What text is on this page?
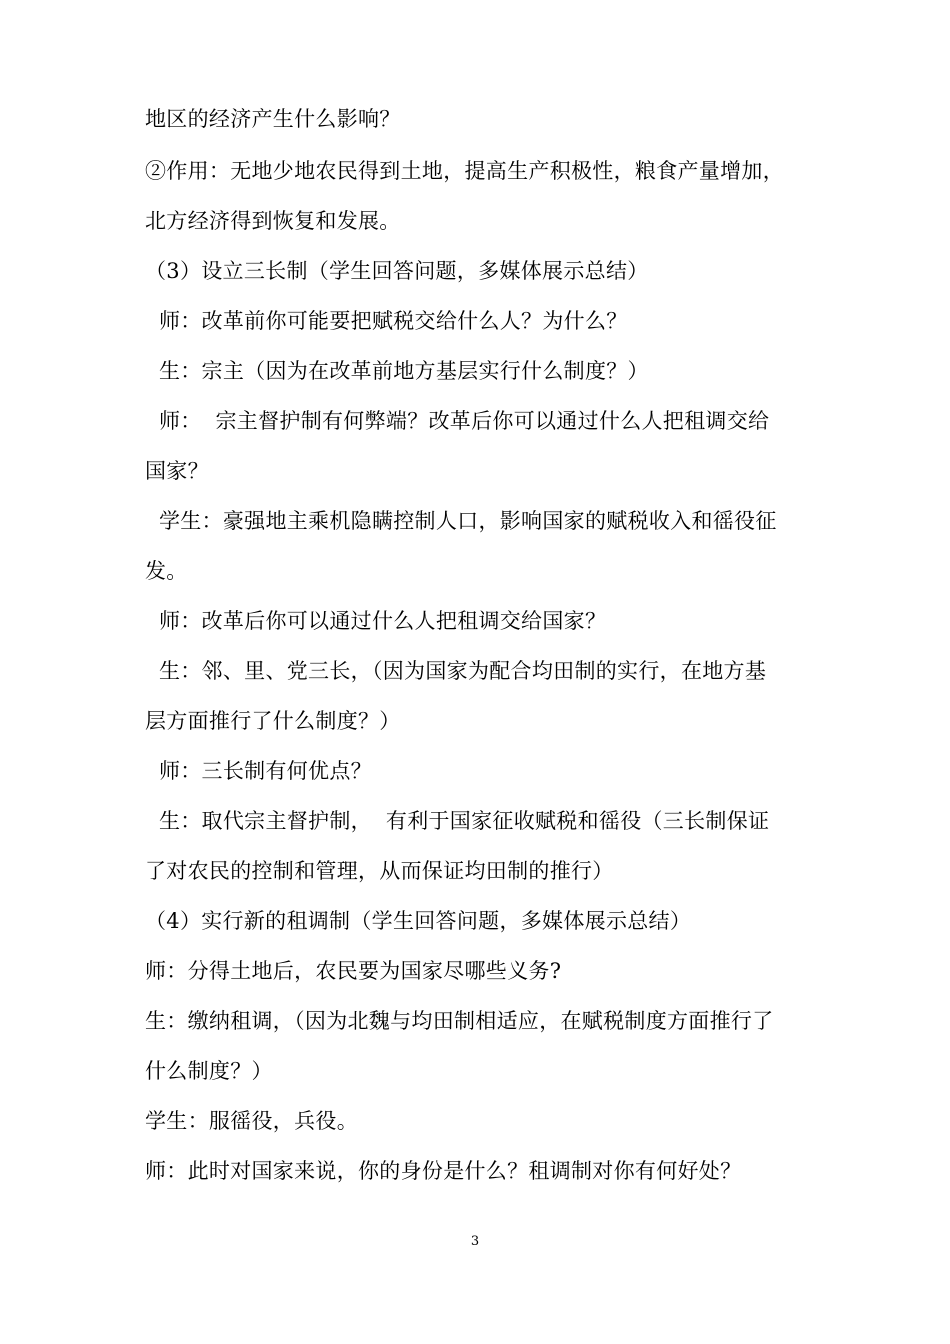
地区的经济产生什么影响？
②作用：无地少地农民得到土地，提高生产积极性，粮食产量增加，
北方经济得到恢复和发展。
（3）设立三长制（学生回答问题，多媒体展示总结）
师：改革前你可能要把赋税交给什么人？为什么？
生：宗主（因为在改革前地方基层实行什么制度？）
师：  宗主督护制有何弊端？改革后你可以通过什么人把租调交给
国家？
学生：豪强地主乘机隐瞒控制人口，影响国家的赋税收入和徭役征
发。
师：改革后你可以通过什么人把租调交给国家？
生：邻、里、党三长，（因为国家为配合均田制的实行，在地方基
层方面推行了什么制度？）
师：三长制有何优点？
生：取代宗主督护制，  有利于国家征收赋税和徭役（三长制保证
了对农民的控制和管理，从而保证均田制的推行）
（4）实行新的租调制（学生回答问题，多媒体展示总结）
师：分得土地后，农民要为国家尽哪些义务?
生：缴纳租调，（因为北魏与均田制相适应，在赋税制度方面推行了
什么制度？）
学生：服徭役，兵役。
师：此时对国家来说，你的身份是什么？租调制对你有何好处？
3
